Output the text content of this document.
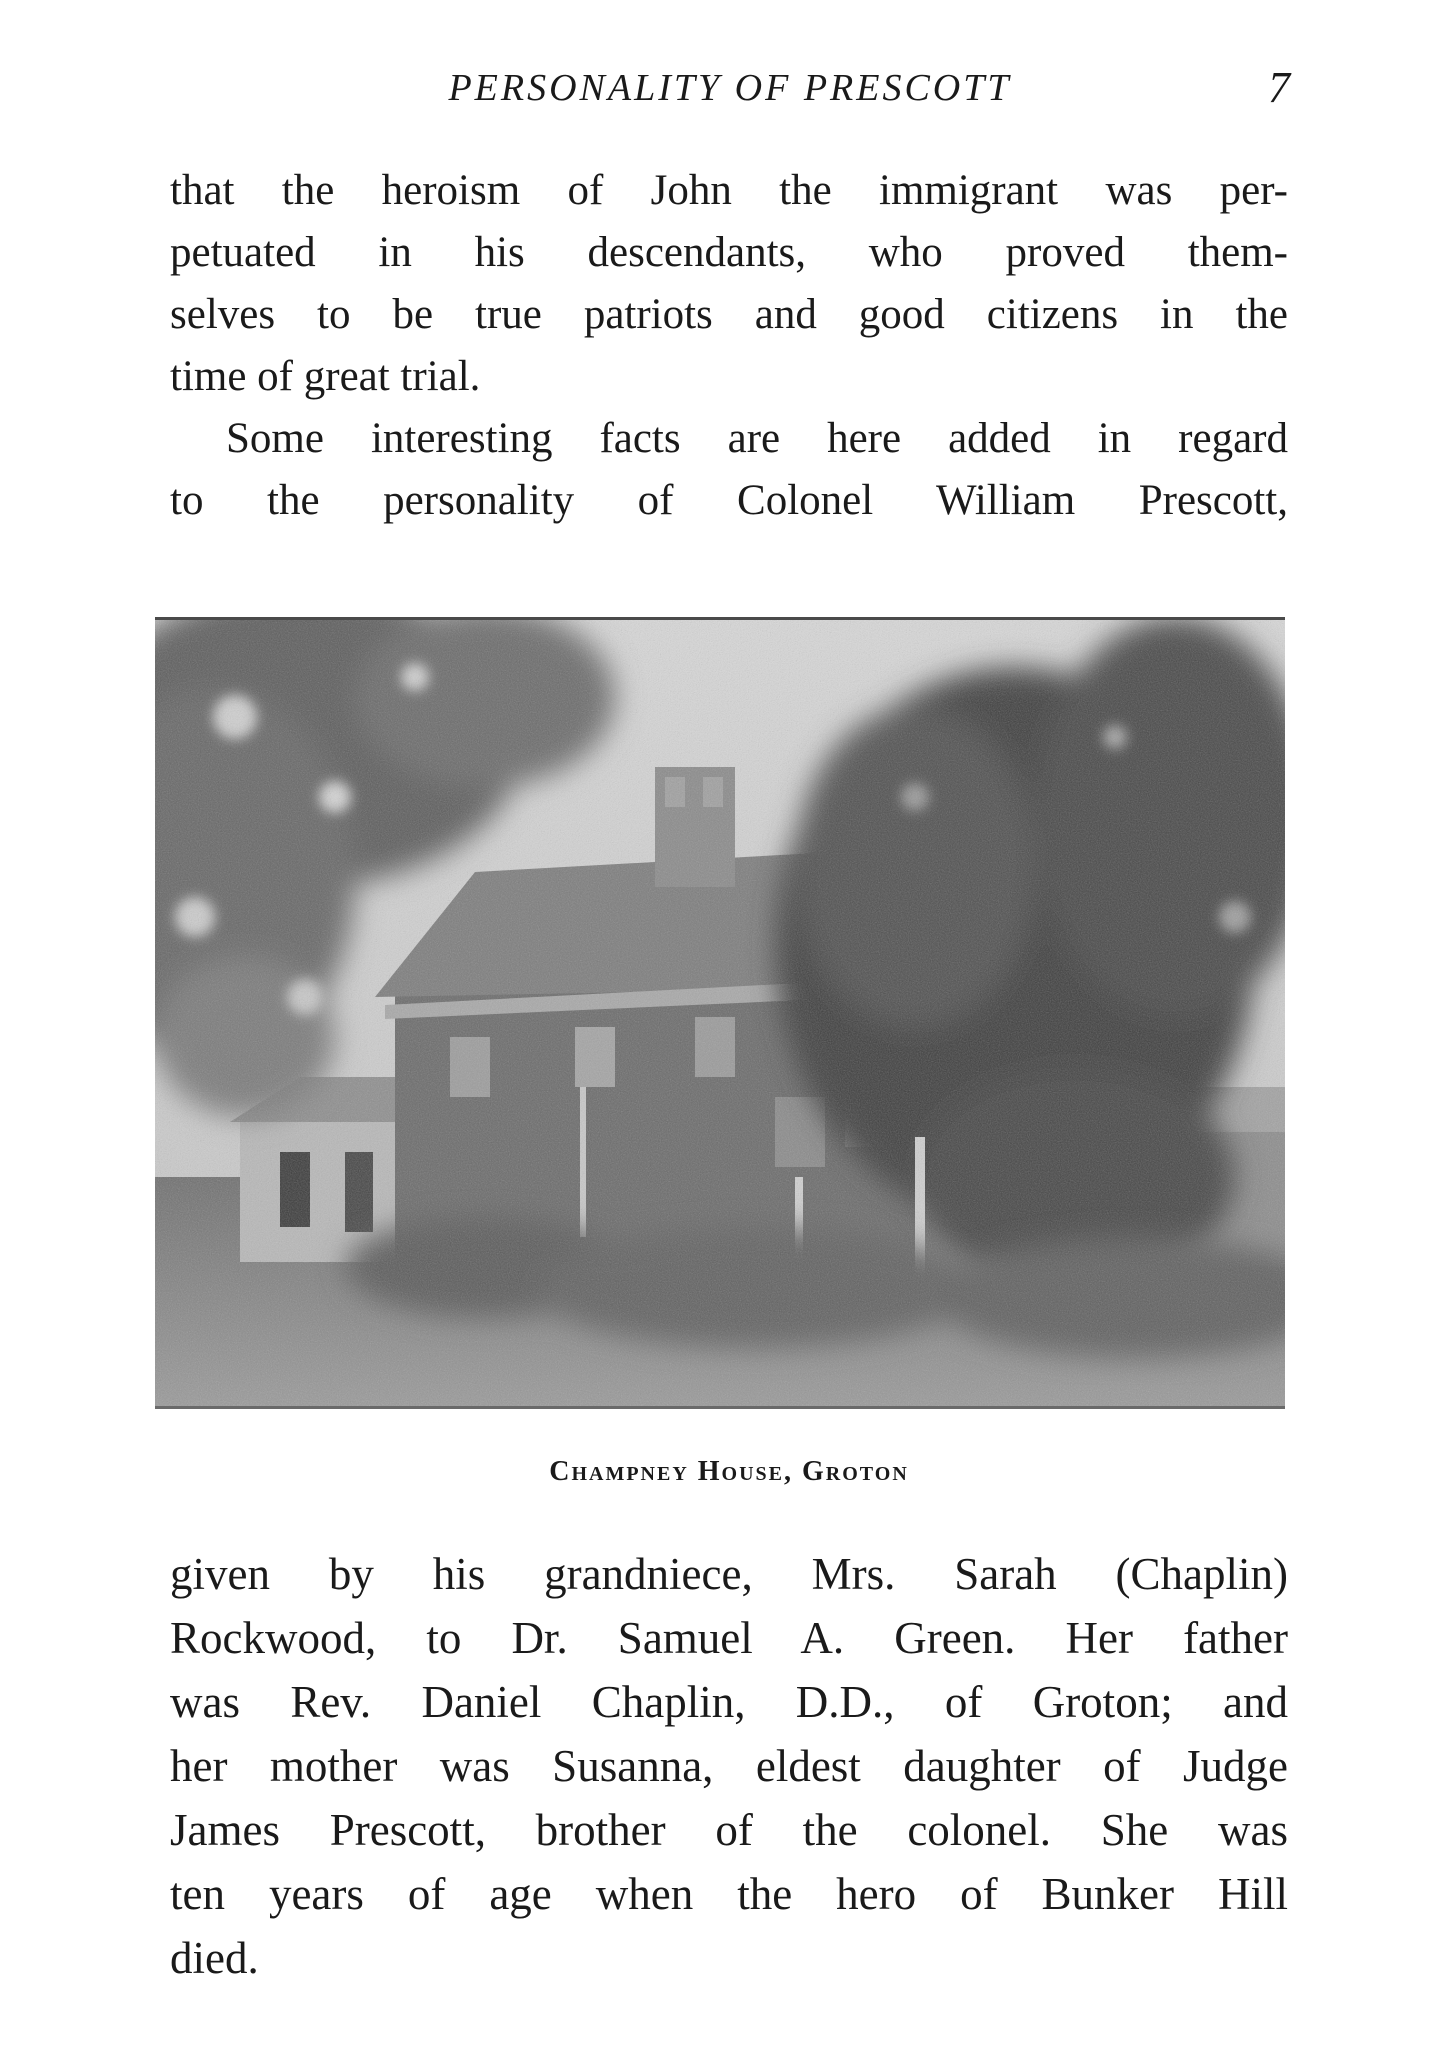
PERSONALITY OF PRESCOTT	7
that the heroism of John the immigrant was per-
petuated in his descendants, who proved them-
selves to be true patriots and good citizens in the
time of great trial.
Some interesting facts are here added in regard
to the personality of Colonel William Prescott,
Champney House, Groton
given by his grandniece, Mrs. Sarah (Chaplin)
Rockwood, to Dr. Samuel A. Green. Her father
was Rev. Daniel Chaplin, D.D., of Groton; and
her mother was Susanna, eldest daughter of Judge
James Prescott, brother of the colonel. She was
ten years of age when the hero of Bunker Hill
died.
